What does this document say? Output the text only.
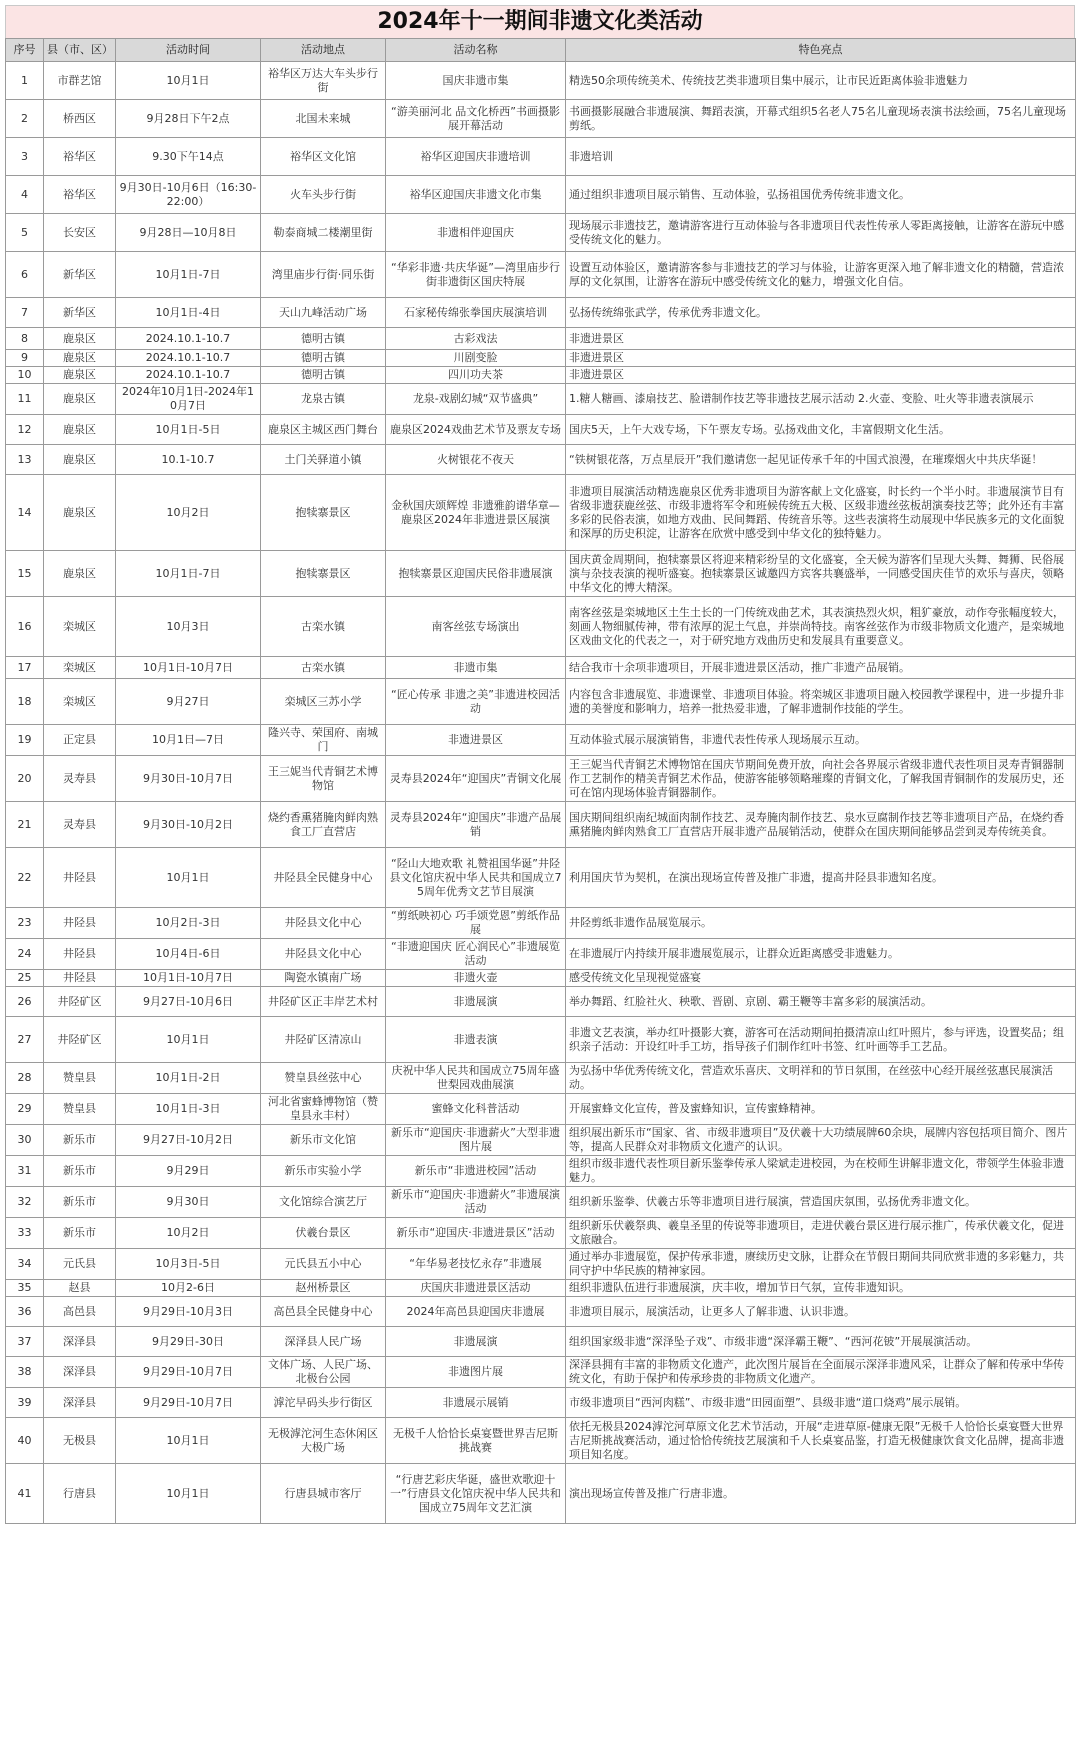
2024年十一期间非遗文化类活动
序号	县（市、区）	活动时间	活动地点	活动名称	特色亮点
1	市群艺馆	10月1日	裕华区万达大车头步行街	国庆非遗市集	精选50余项传统美术、传统技艺类非遗项目集中展示，让市民近距离体验非遗魅力
2	桥西区	9月28日下午2点	北国未来城	“游美丽河北 品文化桥西”书画摄影展开幕活动	书画摄影展融合非遗展演、舞蹈表演，开幕式组织5名老人75名儿童现场表演书法绘画，75名儿童现场剪纸。
3	裕华区	9.30下午14点	裕华区文化馆	裕华区迎国庆非遗培训	非遗培训
4	裕华区	9月30日-10月6日（16:30-22:00）	火车头步行街	裕华区迎国庆非遗文化市集	通过组织非遗项目展示销售、互动体验，弘扬祖国优秀传统非遗文化。
5	长安区	9月28日—10月8日	勒泰商城二楼潮里街	非遗相伴迎国庆	现场展示非遗技艺，邀请游客进行互动体验与各非遗项目代表性传承人零距离接触，让游客在游玩中感受传统文化的魅力。
6	新华区	10月1日-7日	湾里庙步行街·同乐街	“华彩非遗·共庆华诞”—湾里庙步行街非遗街区国庆特展	设置互动体验区，邀请游客参与非遗技艺的学习与体验，让游客更深入地了解非遗文化的精髓，营造浓厚的文化氛围，让游客在游玩中感受传统文化的魅力，增强文化自信。
7	新华区	10月1日-4日	天山九峰活动广场	石家秘传绵张拳国庆展演培训	弘扬传统绵张武学，传承优秀非遗文化。
8	鹿泉区	2024.10.1-10.7	德明古镇	古彩戏法	非遗进景区
9	鹿泉区	2024.10.1-10.7	德明古镇	川剧变脸	非遗进景区
10	鹿泉区	2024.10.1-10.7	德明古镇	四川功夫茶	非遗进景区
11	鹿泉区	2024年10月1日-2024年10月7日	龙泉古镇	龙泉-戏剧幻城“双节盛典”	1.糖人糖画、漆扇技艺、脸谱制作技艺等非遗技艺展示活动 2.火壶、变脸、吐火等非遗表演展示
12	鹿泉区	10月1日-5日	鹿泉区主城区西门舞台	鹿泉区2024戏曲艺术节及票友专场	国庆5天，上午大戏专场，下午票友专场。弘扬戏曲文化，丰富假期文化生活。
13	鹿泉区	10.1-10.7	土门关驿道小镇	火树银花不夜天	“铁树银花落，万点星辰开”我们邀请您一起见证传承千年的中国式浪漫，在璀璨烟火中共庆华诞！
14	鹿泉区	10月2日	抱犊寨景区	金秋国庆颂辉煌 非遗雅韵谱华章—鹿泉区2024年非遗进景区展演	非遗项目展演活动精选鹿泉区优秀非遗项目为游客献上文化盛宴，时长约一个半小时。非遗展演节目有省级非遗获鹿丝弦、市级非遗将军令和班候传统五大极、区级非遗丝弦板胡演奏技艺等；此外还有丰富多彩的民俗表演，如地方戏曲、民间舞蹈、传统音乐等。这些表演将生动展现中华民族多元的文化面貌和深厚的历史积淀，让游客在欣赏中感受到中华文化的独特魅力。
15	鹿泉区	10月1日-7日	抱犊寨景区	抱犊寨景区迎国庆民俗非遗展演	国庆黄金周期间，抱犊寨景区将迎来精彩纷呈的文化盛宴，全天候为游客们呈现大头舞、舞狮、民俗展演与杂技表演的视听盛宴。抱犊寨景区诚邀四方宾客共襄盛举，一同感受国庆佳节的欢乐与喜庆，领略中华文化的博大精深。
16	栾城区	10月3日	古栾水镇	南客丝弦专场演出	南客丝弦是栾城地区土生土长的一门传统戏曲艺术，其表演热烈火炽，粗犷豪放，动作夸张幅度较大，刻画人物细腻传神，带有浓厚的泥土气息，并崇尚特技。南客丝弦作为市级非物质文化遗产，是栾城地区戏曲文化的代表之一，对于研究地方戏曲历史和发展具有重要意义。
17	栾城区	10月1日-10月7日	古栾水镇	非遗市集	结合我市十余项非遗项目，开展非遗进景区活动，推广非遗产品展销。
18	栾城区	9月27日	栾城区三苏小学	“匠心传承 非遗之美”非遗进校园活动	内容包含非遗展览、非遗课堂、非遗项目体验。将栾城区非遗项目融入校园教学课程中，进一步提升非遗的美誉度和影响力，培养一批热爱非遗，了解非遗制作技能的学生。
19	正定县	10月1日—7日	隆兴寺、荣国府、南城门	非遗进景区	互动体验式展示展演销售，非遗代表性传承人现场展示互动。
20	灵寿县	9月30日-10月7日	王三妮当代青铜艺术博物馆	灵寿县2024年“迎国庆”青铜文化展	王三妮当代青铜艺术博物馆在国庆节期间免费开放，向社会各界展示省级非遗代表性项目灵寿青铜器制作工艺制作的精美青铜艺术作品，使游客能够领略璀璨的青铜文化，了解我国青铜制作的发展历史，还可在馆内现场体验青铜器制作。
21	灵寿县	9月30日-10月2日	烧约香熏猪腌肉鲜肉熟食工厂直营店	灵寿县2024年“迎国庆”非遗产品展销	国庆期间组织南纪城面肉制作技艺、灵寿腌肉制作技艺、泉水豆腐制作技艺等非遗项目产品，在烧约香熏猪腌肉鲜肉熟食工厂直营店开展非遗产品展销活动，使群众在国庆期间能够品尝到灵寿传统美食。
22	井陉县	10月1日	井陉县全民健身中心	“陉山大地欢歌 礼赞祖国华诞”井陉县文化馆庆祝中华人民共和国成立75周年优秀文艺节目展演	利用国庆节为契机，在演出现场宣传普及推广非遗，提高井陉县非遗知名度。
23	井陉县	10月2日-3日	井陉县文化中心	“剪纸映初心 巧手颂党恩”剪纸作品展	井陉剪纸非遗作品展览展示。
24	井陉县	10月4日-6日	井陉县文化中心	“非遗迎国庆 匠心润民心”非遗展览活动	在非遗展厅内持续开展非遗展览展示，让群众近距离感受非遗魅力。
25	井陉县	10月1日-10月7日	陶瓷水镇南广场	非遗火壶	感受传统文化呈现视觉盛宴
26	井陉矿区	9月27日-10月6日	井陉矿区正丰岸艺术村	非遗展演	举办舞蹈、红脸社火、秧歌、晋剧、京剧、霸王鞭等丰富多彩的展演活动。
27	井陉矿区	10月1日	井陉矿区清凉山	非遗表演	非遗文艺表演，举办红叶摄影大赛，游客可在活动期间拍摄清凉山红叶照片，参与评选，设置奖品；组织亲子活动：开设红叶手工坊，指导孩子们制作红叶书签、红叶画等手工艺品。
28	赞皇县	10月1日-2日	赞皇县丝弦中心	庆祝中华人民共和国成立75周年盛世梨园戏曲展演	为弘扬中华优秀传统文化，营造欢乐喜庆、文明祥和的节日氛围，在丝弦中心经开展丝弦惠民展演活动。
29	赞皇县	10月1日-3日	河北省蜜蜂博物馆（赞皇县永丰村）	蜜蜂文化科普活动	开展蜜蜂文化宣传，普及蜜蜂知识，宣传蜜蜂精神。
30	新乐市	9月27日-10月2日	新乐市文化馆	新乐市“迎国庆·非遗薪火”大型非遗图片展	组织展出新乐市“国家、省、市级非遗项目”及伏羲十大功绩展牌60余块，展牌内容包括项目简介、图片等，提高人民群众对非物质文化遗产的认识。
31	新乐市	9月29日	新乐市实验小学	新乐市“非遗进校园”活动	组织市级非遗代表性项目新乐鉴拳传承人梁斌走进校园，为在校师生讲解非遗文化，带领学生体验非遗魅力。
32	新乐市	9月30日	文化馆综合演艺厅	新乐市“迎国庆·非遗薪火”非遗展演活动	组织新乐鉴拳、伏羲古乐等非遗项目进行展演，营造国庆氛围，弘扬优秀非遗文化。
33	新乐市	10月2日	伏羲台景区	新乐市“迎国庆·非遗进景区”活动	组织新乐伏羲祭典、羲皇圣里的传说等非遗项目，走进伏羲台景区进行展示推广，传承伏羲文化，促进文旅融合。
34	元氏县	10月3日-5日	元氏县五小中心	“年华易老技忆永存”非遗展	通过举办非遗展览，保护传承非遗，赓续历史文脉，让群众在节假日期间共同欣赏非遗的多彩魅力，共同守护中华民族的精神家园。
35	赵县	10月2-6日	赵州桥景区	庆国庆非遗进景区活动	组织非遗队伍进行非遗展演，庆丰收，增加节日气氛，宣传非遗知识。
36	高邑县	9月29日-10月3日	高邑县全民健身中心	2024年高邑县迎国庆非遗展	非遗项目展示，展演活动，让更多人了解非遗、认识非遗。
37	深泽县	9月29日-30日	深泽县人民广场	非遗展演	组织国家级非遗“深泽坠子戏”、市级非遗“深泽霸王鞭”、“西河花铍”开展展演活动。
38	深泽县	9月29日-10月7日	文体广场、人民广场、北极台公园	非遗图片展	深泽县拥有丰富的非物质文化遗产，此次图片展旨在全面展示深泽非遗风采，让群众了解和传承中华传统文化，有助于保护和传承珍贵的非物质文化遗产。
39	深泽县	9月29日-10月7日	滹沱早码头步行街区	非遗展示展销	市级非遗项目“西河肉糕”、市级非遗“田园面塑”、县级非遗“道口烧鸡”展示展销。
40	无极县	10月1日	无极滹沱河生态休闲区大极广场	无极千人恰恰长桌宴暨世界吉尼斯挑战赛	依托无极县2024滹沱河草原文化艺术节活动，开展“走进草原-健康无限”无极千人恰恰长桌宴暨大世界吉尼斯挑战赛活动，通过恰恰传统技艺展演和千人长桌宴品鉴，打造无极健康饮食文化品牌，提高非遗项目知名度。
41	行唐县	10月1日	行唐县城市客厅	“行唐艺彩庆华诞，盛世欢歌迎十一”行唐县文化馆庆祝中华人民共和国成立75周年文艺汇演	演出现场宣传普及推广行唐非遗。
